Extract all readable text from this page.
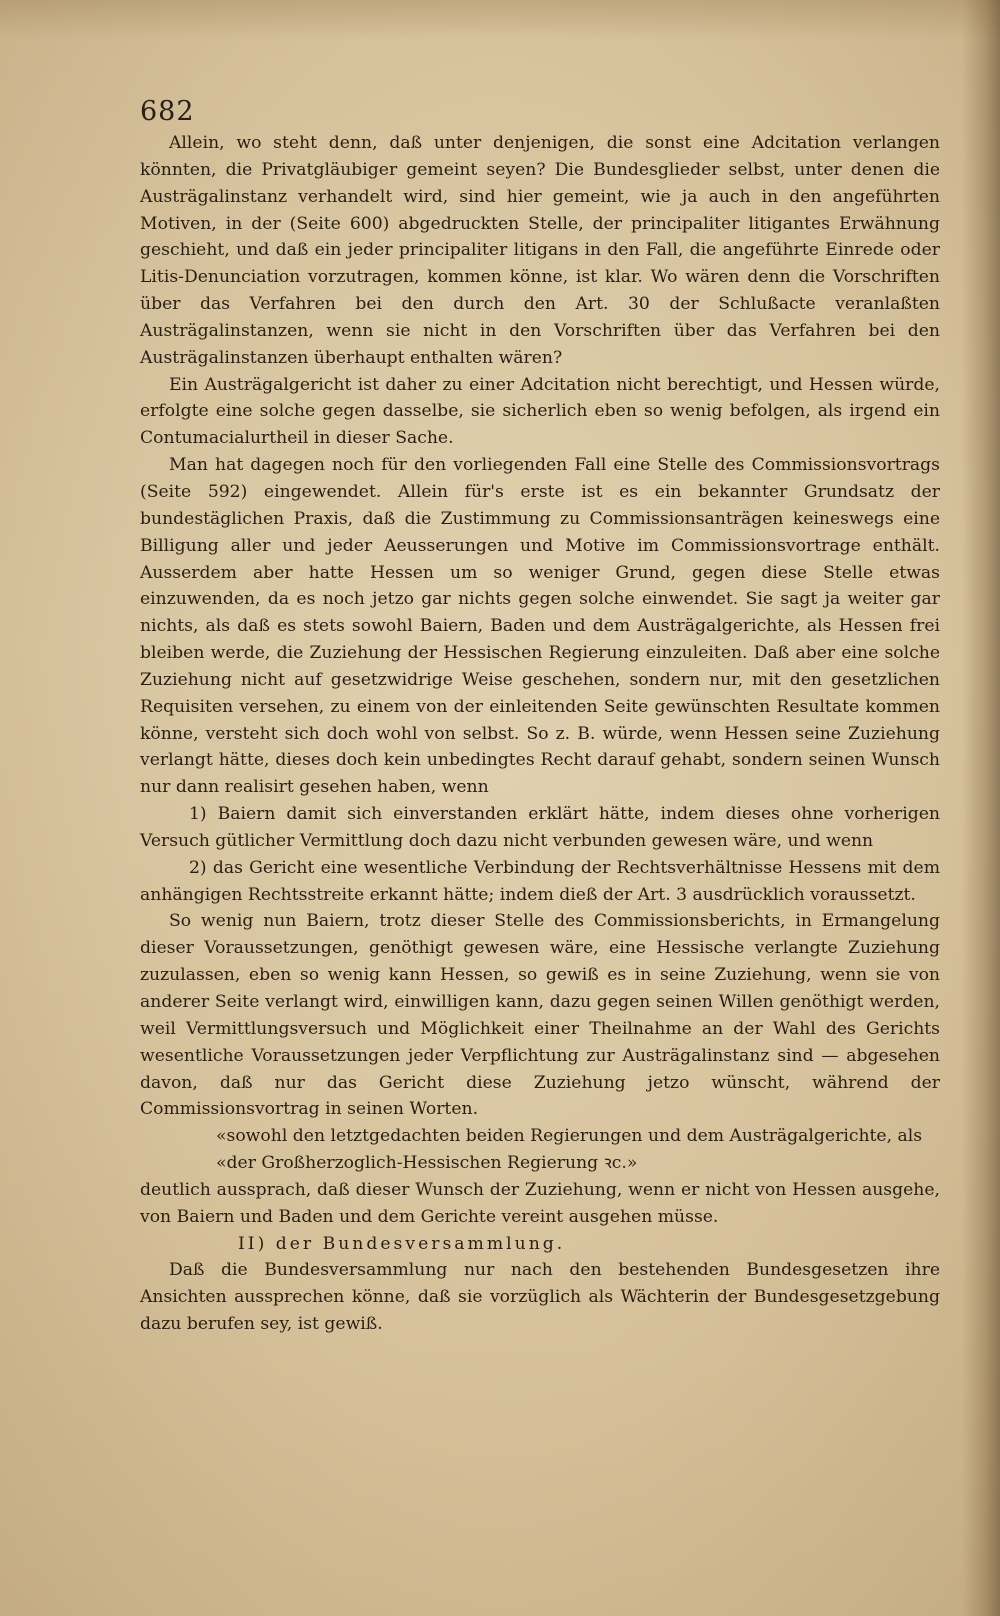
682

Allein, wo steht denn, daß unter denjenigen, die sonst eine Adcitation verlangen könnten, die Privatgläubiger gemeint seyen? Die Bundesglieder selbst, unter denen die Austrägalinstanz verhandelt wird, sind hier gemeint, wie ja auch in den angeführten Motiven, in der (Seite 600) abgedruckten Stelle, der principaliter litigantes Erwähnung geschieht, und daß ein jeder principaliter litigans in den Fall, die angeführte Einrede oder Litis-Denunciation vorzutragen, kommen könne, ist klar. Wo wären denn die Vorschriften über das Verfahren bei den durch den Art. 30 der Schlußacte veranlaßten Austrägalinstanzen, wenn sie nicht in den Vorschriften über das Verfahren bei den Austrägalinstanzen überhaupt enthalten wären?

Ein Austrägalgericht ist daher zu einer Adcitation nicht berechtigt, und Hessen würde, erfolgte eine solche gegen dasselbe, sie sicherlich eben so wenig befolgen, als irgend ein Contumacialurtheil in dieser Sache.

Man hat dagegen noch für den vorliegenden Fall eine Stelle des Commissionsvortrags (Seite 592) eingewendet. Allein für's erste ist es ein bekannter Grundsatz der bundestäglichen Praxis, daß die Zustimmung zu Commissionsanträgen keineswegs eine Billigung aller und jeder Aeusserungen und Motive im Commissionsvortrage enthält. Ausserdem aber hatte Hessen um so weniger Grund, gegen diese Stelle etwas einzuwenden, da es noch jetzo gar nichts gegen solche einwendet. Sie sagt ja weiter gar nichts, als daß es stets sowohl Baiern, Baden und dem Austrägalgerichte, als Hessen frei bleiben werde, die Zuziehung der Hessischen Regierung einzuleiten. Daß aber eine solche Zuziehung nicht auf gesetzwidrige Weise geschehen, sondern nur, mit den gesetzlichen Requisiten versehen, zu einem von der einleitenden Seite gewünschten Resultate kommen könne, versteht sich doch wohl von selbst. So z. B. würde, wenn Hessen seine Zuziehung verlangt hätte, dieses doch kein unbedingtes Recht darauf gehabt, sondern seinen Wunsch nur dann realisirt gesehen haben, wenn

1) Baiern damit sich einverstanden erklärt hätte, indem dieses ohne vorherigen Versuch gütlicher Vermittlung doch dazu nicht verbunden gewesen wäre, und wenn

2) das Gericht eine wesentliche Verbindung der Rechtsverhältnisse Hessens mit dem anhängigen Rechtsstreite erkannt hätte; indem dieß der Art. 3 ausdrücklich voraussetzt.

So wenig nun Baiern, trotz dieser Stelle des Commissionsberichts, in Ermangelung dieser Voraussetzungen, genöthigt gewesen wäre, eine Hessische verlangte Zuziehung zuzulassen, eben so wenig kann Hessen, so gewiß es in seine Zuziehung, wenn sie von anderer Seite verlangt wird, einwilligen kann, dazu gegen seinen Willen genöthigt werden, weil Vermittlungsversuch und Möglichkeit einer Theilnahme an der Wahl des Gerichts wesentliche Voraussetzungen jeder Verpflichtung zur Austrägalinstanz sind — abgesehen davon, daß nur das Gericht diese Zuziehung jetzo wünscht, während der Commissionsvortrag in seinen Worten.

«sowohl den letztgedachten beiden Regierungen und dem Austrägalgerichte, als

«der Großherzoglich-Hessischen Regierung ꝛc.»

deutlich aussprach, daß dieser Wunsch der Zuziehung, wenn er nicht von Hessen ausgehe, von Baiern und Baden und dem Gerichte vereint ausgehen müsse.

II) der Bundesversammlung.

Daß die Bundesversammlung nur nach den bestehenden Bundesgesetzen ihre Ansichten aussprechen könne, daß sie vorzüglich als Wächterin der Bundesgesetzgebung dazu berufen sey, ist gewiß.
